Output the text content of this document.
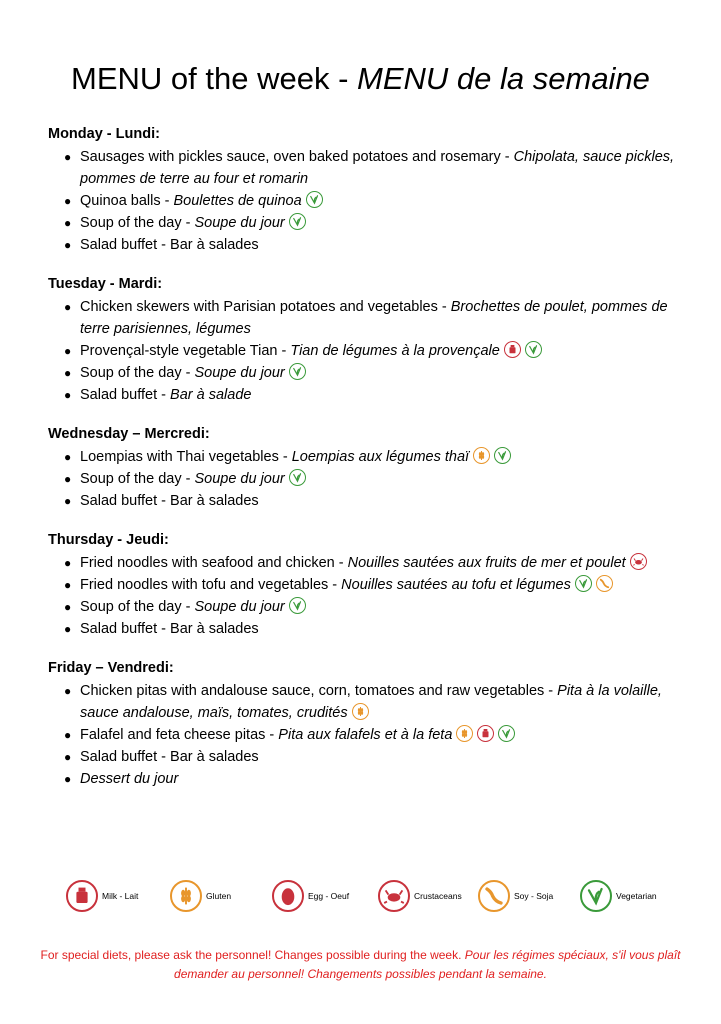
MENU of the week - MENU de la semaine
Monday - Lundi:
● Sausages with pickles sauce, oven baked potatoes and rosemary - Chipolata, sauce pickles, pommes de terre au four et romarin
● Quinoa balls - Boulettes de quinoa
● Soup of the day - Soupe du jour
● Salad buffet - Bar à salades
Tuesday - Mardi:
● Chicken skewers with Parisian potatoes and vegetables - Brochettes de poulet, pommes de terre parisiennes, légumes
● Provençal-style vegetable Tian - Tian de légumes à la provençale
● Soup of the day - Soupe du jour
● Salad buffet - Bar à salade
Wednesday – Mercredi:
● Loempias with Thai vegetables - Loempias aux légumes thaï
● Soup of the day - Soupe du jour
● Salad buffet - Bar à salades
Thursday - Jeudi:
● Fried noodles with seafood and chicken - Nouilles sautées aux fruits de mer et poulet
● Fried noodles with tofu and vegetables - Nouilles sautées au tofu et légumes
● Soup of the day - Soupe du jour
● Salad buffet - Bar à salades
Friday – Vendredi:
● Chicken pitas with andalouse sauce, corn, tomatoes and raw vegetables - Pita à la volaille, sauce andalouse, maïs, tomates, crudités
● Falafel and feta cheese pitas - Pita aux falafels et à la feta
● Salad buffet - Bar à salades
● Dessert du jour
Milk - Lait	Gluten	Egg - Oeuf	Crustaceans	Soy - Soja	Vegetarian
For special diets, please ask the personnel! Changes possible during the week. Pour les régimes spéciaux, s'il vous plaît demander au personnel! Changements possibles pendant la semaine.
